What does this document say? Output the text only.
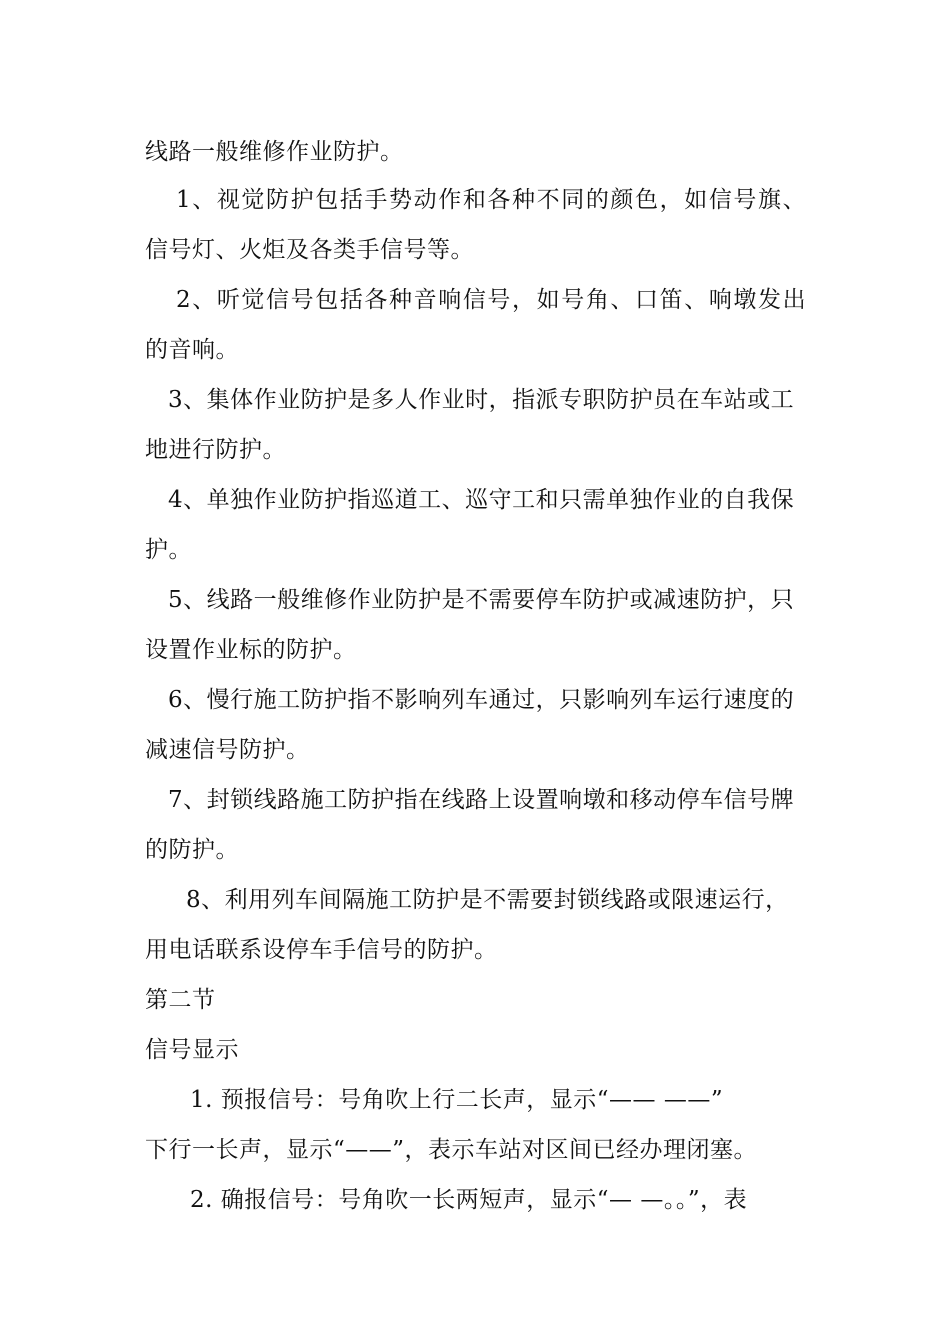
线路一般维修作业防护。
1、视觉防护包括手势动作和各种不同的颜色，如信号旗、
信号灯、火炬及各类手信号等。
2、听觉信号包括各种音响信号，如号角、口笛、响墩发出
的音响。
3、集体作业防护是多人作业时，指派专职防护员在车站或工
地进行防护。
4、单独作业防护指巡道工、巡守工和只需单独作业的自我保
护。
5、线路一般维修作业防护是不需要停车防护或减速防护，只
设置作业标的防护。
6、慢行施工防护指不影响列车通过，只影响列车运行速度的
减速信号防护。
7、封锁线路施工防护指在线路上设置响墩和移动停车信号牌
的防护。
8、利用列车间隔施工防护是不需要封锁线路或限速运行，
用电话联系设停车手信号的防护。
第二节
信号显示
1. 预报信号：号角吹上行二长声，显示“—— ——”
下行一长声，显示“——”，表示车站对区间已经办理闭塞。
2. 确报信号：号角吹一长两短声，显示“— —。。”，表
